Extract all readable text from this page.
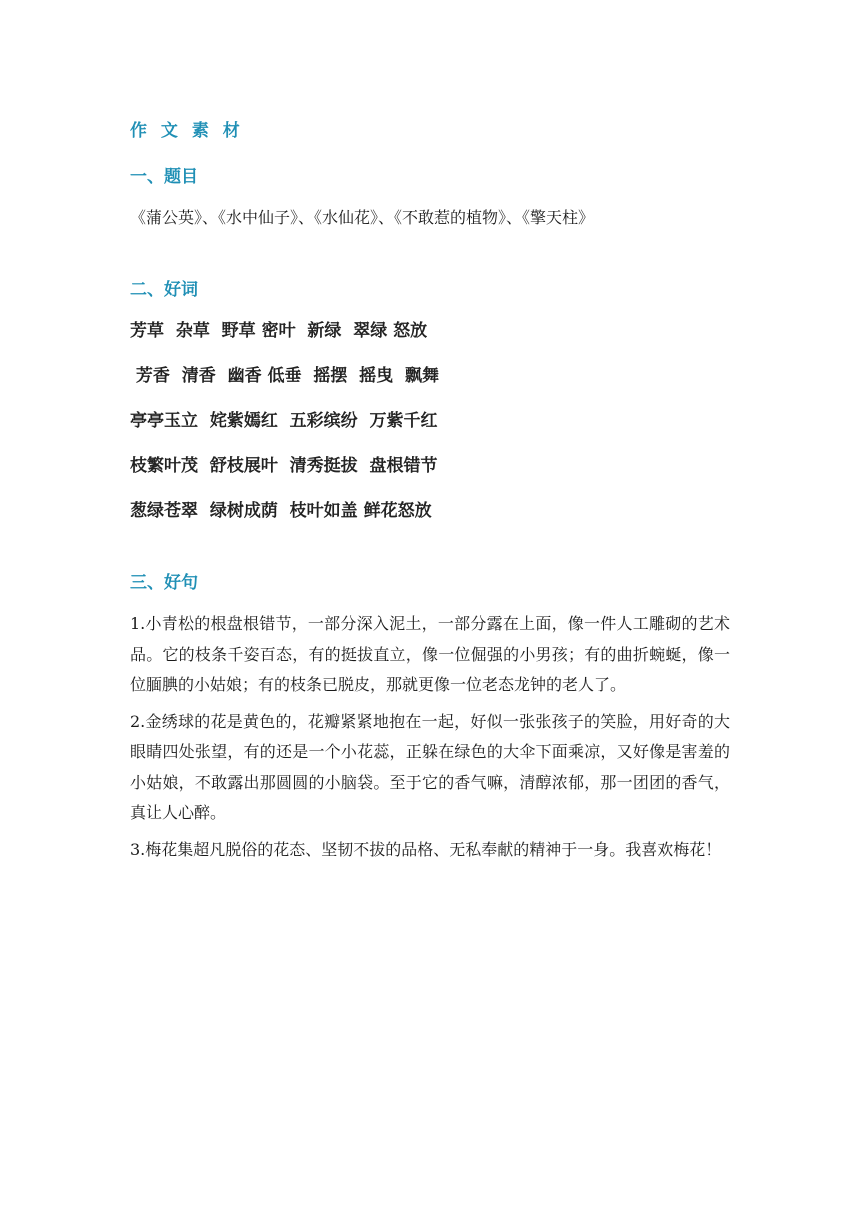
作 文 素 材
一、题目

《蒲公英》、《水中仙子》、《水仙花》、《不敢惹的植物》、《擎天柱》

二、好词
芳草  杂草  野草 密叶  新绿  翠绿 怒放
芳香  清香  幽香 低垂  摇摆  摇曳  飘舞
亭亭玉立  姹紫嫣红  五彩缤纷  万紫千红
枝繁叶茂  舒枝展叶  清秀挺拔  盘根错节
葱绿苍翠  绿树成荫  枝叶如盖 鲜花怒放
三、好句

1.小青松的根盘根错节，一部分深入泥土，一部分露在上面，像一件人工雕砌的艺术品。它的枝条千姿百态，有的挺拔直立，像一位倔强的小男孩；有的曲折蜿蜒，像一位腼腆的小姑娘；有的枝条已脱皮，那就更像一位老态龙钟的老人了。

2.金绣球的花是黄色的，花瓣紧紧地抱在一起，好似一张张孩子的笑脸，用好奇的大眼睛四处张望，有的还是一个小花蕊，正躲在绿色的大伞下面乘凉，又好像是害羞的小姑娘，不敢露出那圆圆的小脑袋。至于它的香气嘛，清醇浓郁，那一团团的香气，真让人心醉。

3.梅花集超凡脱俗的花态、坚韧不拔的品格、无私奉献的精神于一身。我喜欢梅花！
